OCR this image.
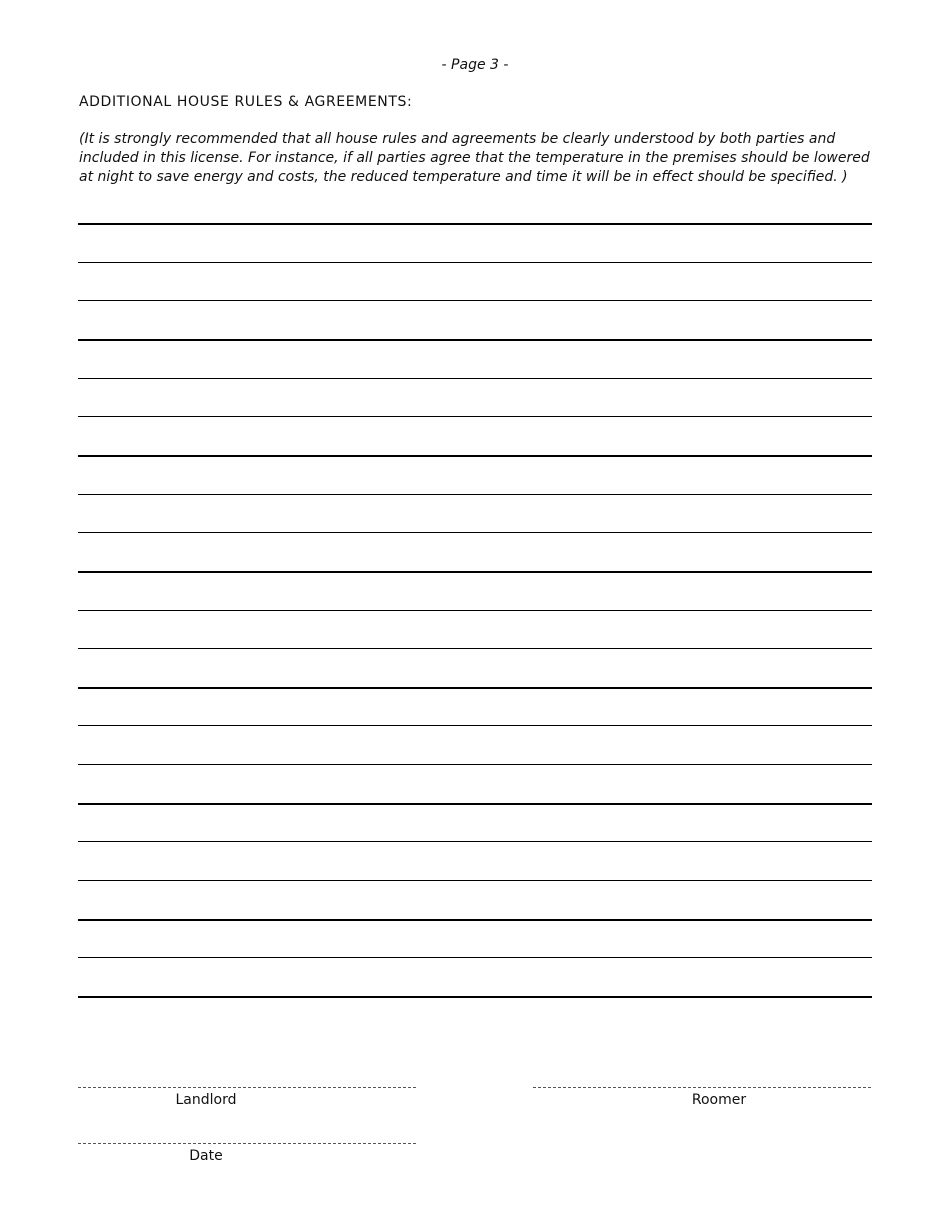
- Page 3 -
ADDITIONAL HOUSE RULES & AGREEMENTS:
(It is strongly recommended that all house rules and agreements be clearly understood by both parties and included in this license. For instance, if all parties agree that the temperature in the premises should be lowered at night to save energy and costs, the reduced temperature and time it will be in effect should be specified. )
Landlord	Roomer
Date
